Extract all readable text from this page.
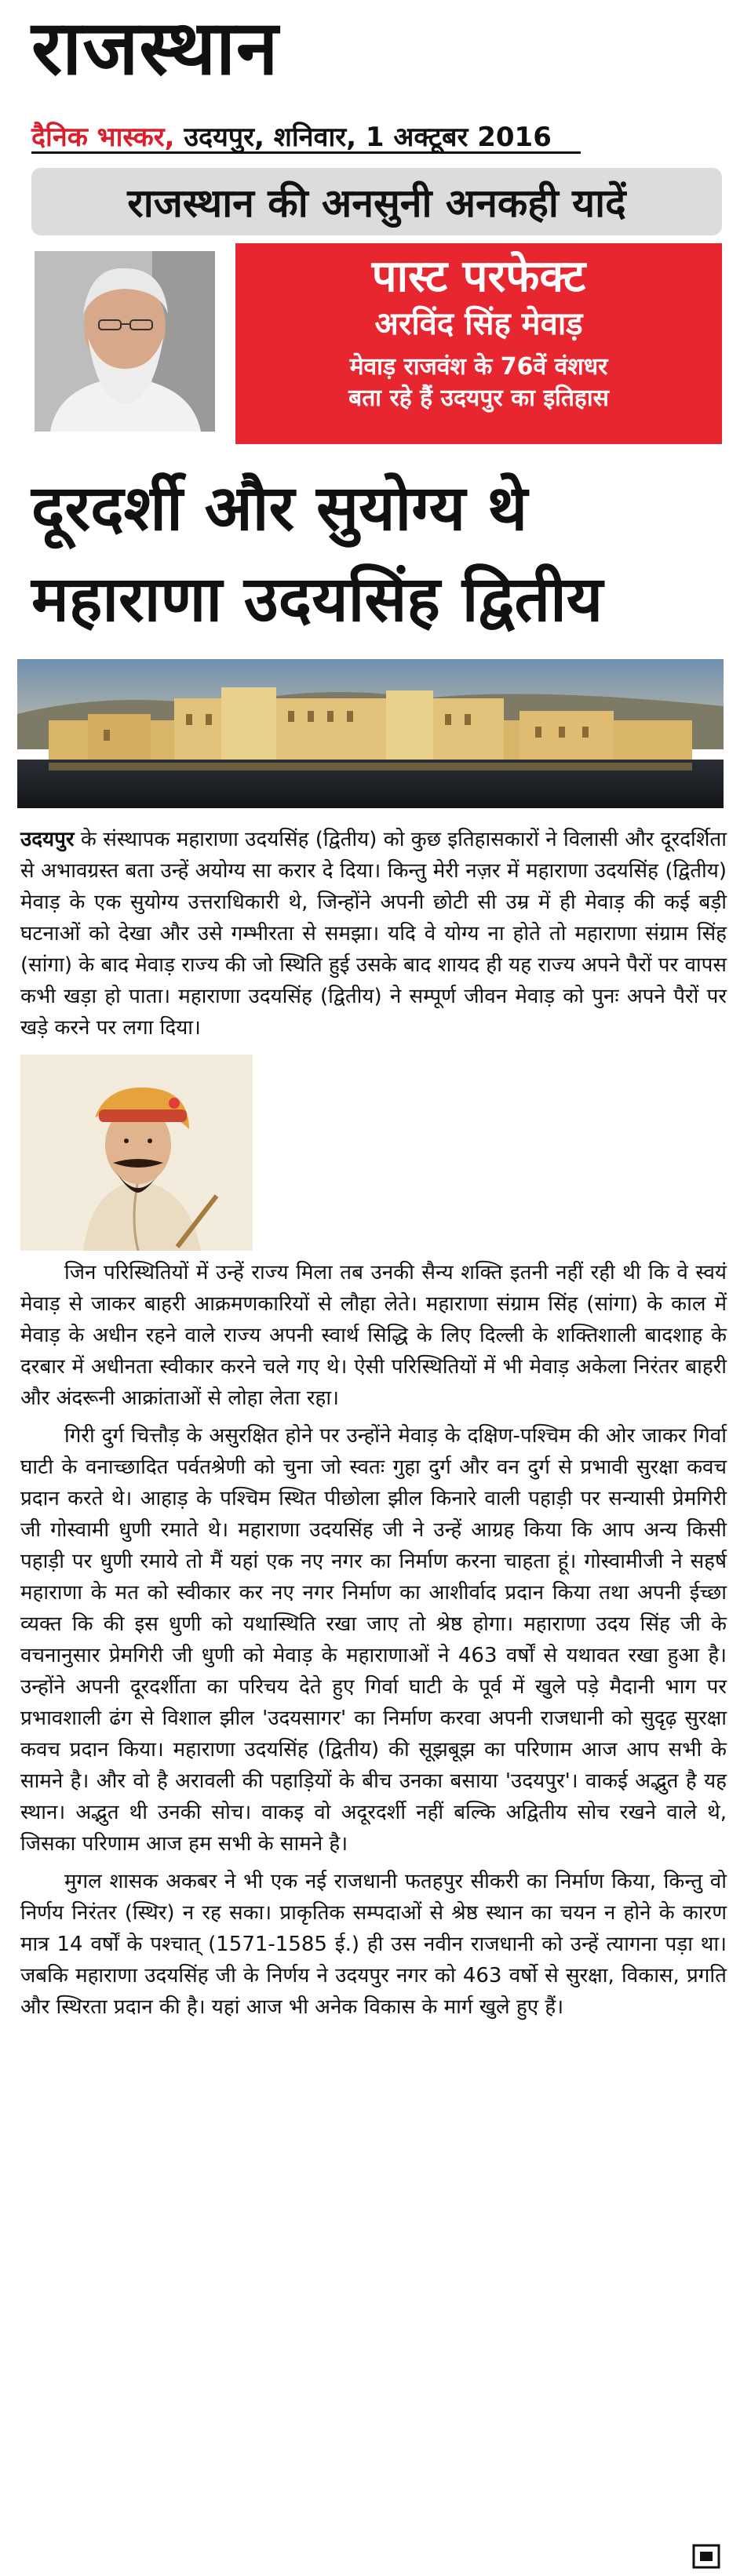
राजस्थान
दैनिक भास्कर, उदयपुर, शनिवार, 1 अक्टूबर 2016
राजस्थान की अनसुनी अनकही यादें
पास्ट परफेक्ट
अरविंद सिंह मेवाड़
मेवाड़ राजवंश के 76वें वंशधर
बता रहे हैं उदयपुर का इतिहास
दूरदर्शी और सुयोग्य थे
महाराणा उदयसिंह द्वितीय

उदयपुर के संस्थापक महाराणा उदयसिंह (द्वितीय) को कुछ इतिहासकारों ने विलासी और दूरदर्शिता से अभावग्रस्त बता उन्हें अयोग्य सा करार दे दिया। किन्तु मेरी नज़र में महाराणा उदयसिंह (द्वितीय) मेवाड़ के एक सुयोग्य उत्तराधिकारी थे, जिन्होंने अपनी छोटी सी उम्र में ही मेवाड़ की कई बड़ी घटनाओं को देखा और उसे गम्भीरता से समझा। यदि वे योग्य ना होते तो महाराणा संग्राम सिंह (सांगा) के बाद मेवाड़ राज्य की जो स्थिति हुई उसके बाद शायद ही यह राज्य अपने पैरों पर वापस कभी खड़ा हो पाता। महाराणा उदयसिंह (द्वितीय) ने सम्पूर्ण जीवन मेवाड़ को पुनः अपने पैरों पर खड़े करने पर लगा दिया।

जिन परिस्थितियों में उन्हें राज्य मिला तब उनकी सैन्य शक्ति इतनी नहीं रही थी कि वे स्वयं मेवाड़ से जाकर बाहरी आक्रमणकारियों से लौहा लेते। महाराणा संग्राम सिंह (सांगा) के काल में मेवाड़ के अधीन रहने वाले राज्य अपनी स्वार्थ सिद्धि के लिए दिल्ली के शक्तिशाली बादशाह के दरबार में अधीनता स्वीकार करने चले गए थे। ऐसी परिस्थितियों में भी मेवाड़ अकेला निरंतर बाहरी और अंदरूनी आक्रांताओं से लोहा लेता रहा।

गिरी दुर्ग चित्तौड़ के असुरक्षित होने पर उन्होंने मेवाड़ के दक्षिण-पश्चिम की ओर जाकर गिर्वा घाटी के वनाच्छादित पर्वतश्रेणी को चुना जो स्वतः गुहा दुर्ग और वन दुर्ग से प्रभावी सुरक्षा कवच प्रदान करते थे। आहाड़ के पश्चिम स्थित पीछोला झील किनारे वाली पहाड़ी पर सन्यासी प्रेमगिरी जी गोस्वामी धुणी रमाते थे। महाराणा उदयसिंह जी ने उन्हें आग्रह किया कि आप अन्य किसी पहाड़ी पर धुणी रमाये तो मैं यहां एक नए नगर का निर्माण करना चाहता हूं। गोस्वामीजी ने सहर्ष महाराणा के मत को स्वीकार कर नए नगर निर्माण का आशीर्वाद प्रदान किया तथा अपनी ईच्छा व्यक्त कि की इस धुणी को यथास्थिति रखा जाए तो श्रेष्ठ होगा। महाराणा उदय सिंह जी के वचनानुसार प्रेमगिरी जी धुणी को मेवाड़ के महाराणाओं ने 463 वर्षों से यथावत रखा हुआ है। उन्होंने अपनी दूरदर्शीता का परिचय देते हुए गिर्वा घाटी के पूर्व में खुले पड़े मैदानी भाग पर प्रभावशाली ढंग से विशाल झील 'उदयसागर' का निर्माण करवा अपनी राजधानी को सुदृढ़ सुरक्षा कवच प्रदान किया। महाराणा उदयसिंह (द्वितीय) की सूझबूझ का परिणाम आज आप सभी के सामने है। और वो है अरावली की पहाड़ियों के बीच उनका बसाया 'उदयपुर'। वाकई अद्भुत है यह स्थान। अद्भुत थी उनकी सोच। वाकइ वो अदूरदर्शी नहीं बल्कि अद्वितीय सोच रखने वाले थे, जिसका परिणाम आज हम सभी के सामने है।

मुगल शासक अकबर ने भी एक नई राजधानी फतहपुर सीकरी का निर्माण किया, किन्तु वो निर्णय निरंतर (स्थिर) न रह सका। प्राकृतिक सम्पदाओं से श्रेष्ठ स्थान का चयन न होने के कारण मात्र 14 वर्षों के पश्चात् (1571-1585 ई.) ही उस नवीन राजधानी को उन्हें त्यागना पड़ा था। जबकि महाराणा उदयसिंह जी के निर्णय ने उदयपुर नगर को 463 वर्षो से सुरक्षा, विकास, प्रगति और स्थिरता प्रदान की है। यहां आज भी अनेक विकास के मार्ग खुले हुए हैं।
